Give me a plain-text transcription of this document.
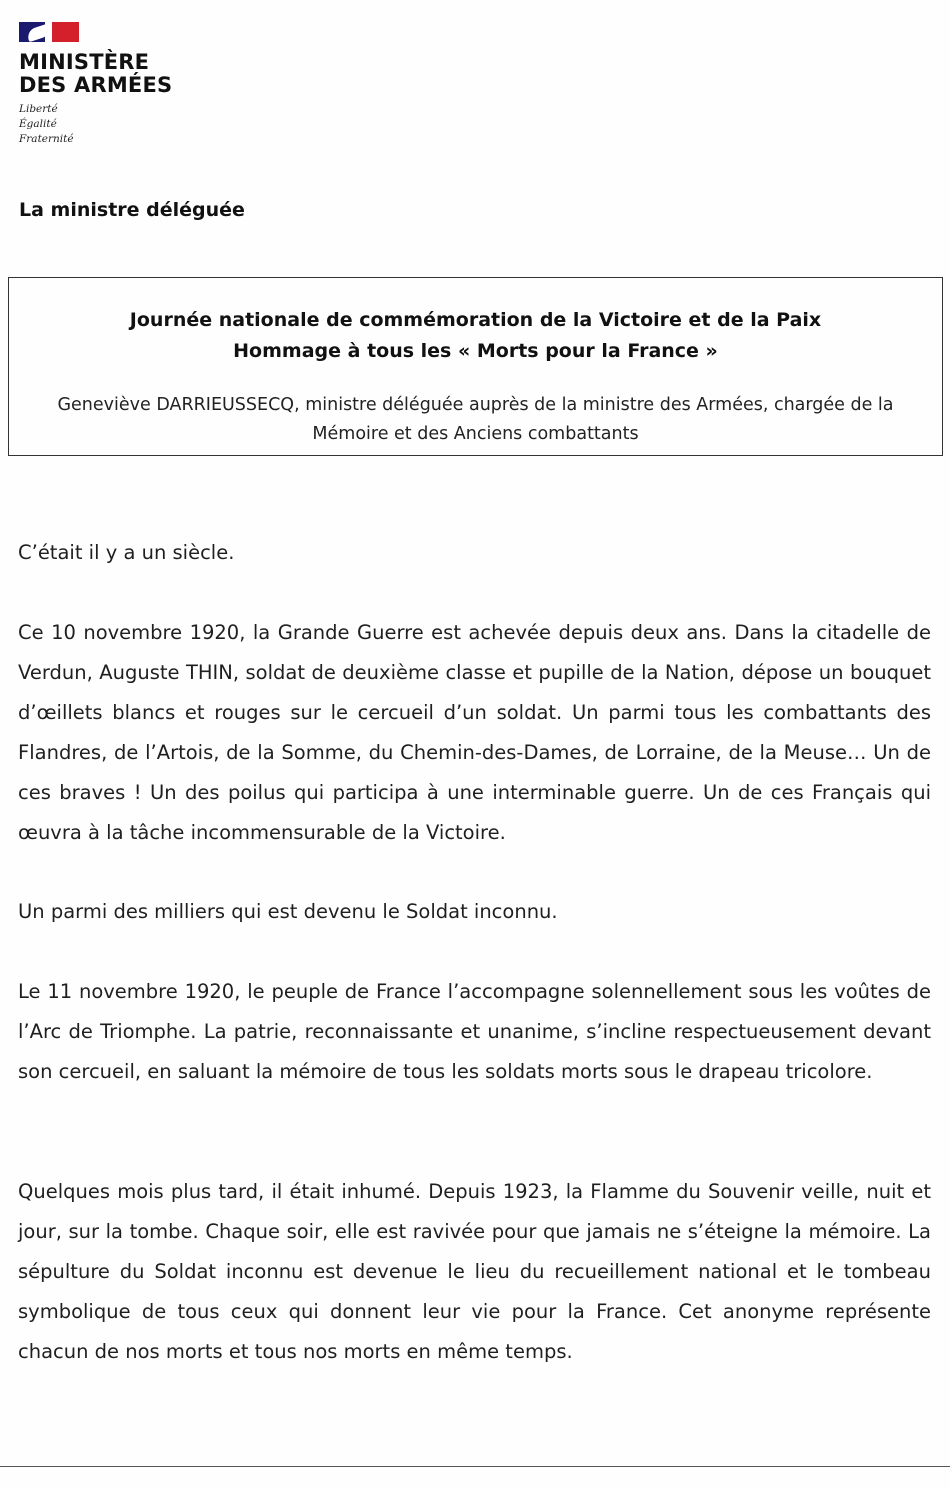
MINISTÈRE
DES ARMÉES
Liberté
Égalité
Fraternité
La ministre déléguée
Journée nationale de commémoration de la Victoire et de la Paix
Hommage à tous les « Morts pour la France »
Geneviève DARRIEUSSECQ, ministre déléguée auprès de la ministre des Armées, chargée de la Mémoire et des Anciens combattants

C’était il y a un siècle.

Ce 10 novembre 1920, la Grande Guerre est achevée depuis deux ans. Dans la citadelle de Verdun, Auguste THIN, soldat de deuxième classe et pupille de la Nation, dépose un bouquet d’œillets blancs et rouges sur le cercueil d’un soldat. Un parmi tous les combattants des Flandres, de l’Artois, de la Somme, du Chemin-des-Dames, de Lorraine, de la Meuse… Un de ces braves ! Un des poilus qui participa à une interminable guerre. Un de ces Français qui œuvra à la tâche incommensurable de la Victoire.

Un parmi des milliers qui est devenu le Soldat inconnu.

Le 11 novembre 1920, le peuple de France l’accompagne solennellement sous les voûtes de l’Arc de Triomphe. La patrie, reconnaissante et unanime, s’incline respectueusement devant son cercueil, en saluant la mémoire de tous les soldats morts sous le drapeau tricolore.

Quelques mois plus tard, il était inhumé. Depuis 1923, la Flamme du Souvenir veille, nuit et jour, sur la tombe. Chaque soir, elle est ravivée pour que jamais ne s’éteigne la mémoire. La sépulture du Soldat inconnu est devenue le lieu du recueillement national et le tombeau symbolique de tous ceux qui donnent leur vie pour la France. Cet anonyme représente chacun de nos morts et tous nos morts en même temps.
